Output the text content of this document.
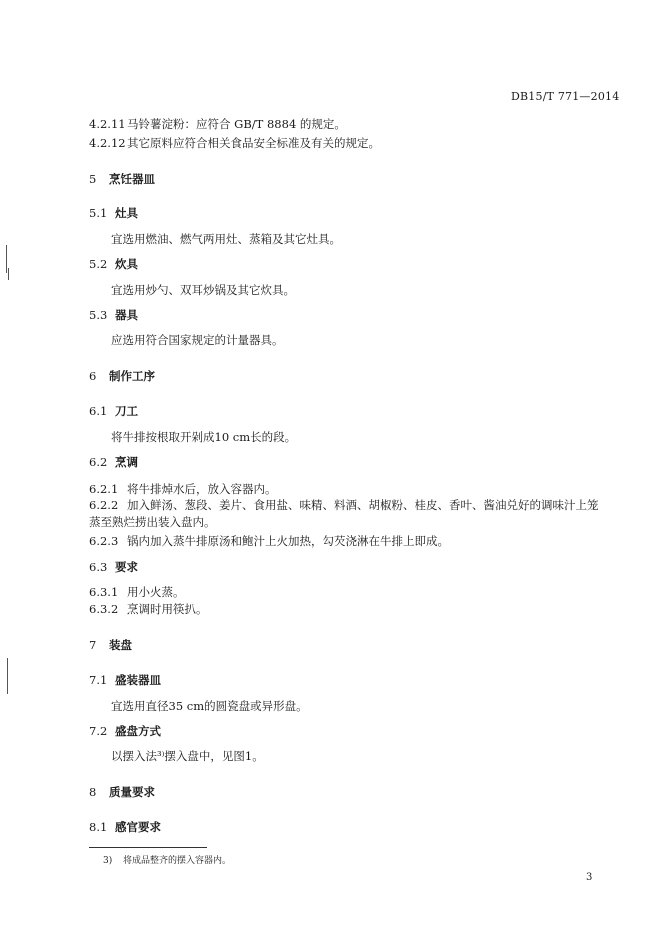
DB15/T 771—2014
4.2.11马铃薯淀粉：应符合 GB/T 8884 的规定。
4.2.12其它原料应符合相关食品安全标准及有关的规定。
5 烹饪器皿
5.1 灶具
宜选用燃油、燃气两用灶、蒸箱及其它灶具。
5.2 炊具
宜选用炒勺、双耳炒锅及其它炊具。
5.3 器具
应选用符合国家规定的计量器具。
6 制作工序
6.1 刀工
将牛排按根取开剁成10 cm长的段。
6.2 烹调
6.2.1 将牛排焯水后，放入容器内。
6.2.2 加入鲜汤、葱段、姜片、食用盐、味精、料酒、胡椒粉、桂皮、香叶、酱油兑好的调味汁上笼蒸至熟烂捞出装入盘内。
6.2.3 锅内加入蒸牛排原汤和鲍汁上火加热，勾芡浇淋在牛排上即成。
6.3 要求
6.3.1 用小火蒸。
6.3.2 烹调时用筷扒。
7 装盘
7.1 盛装器皿
宜选用直径35 cm的圆瓷盘或异形盘。
7.2 盛盘方式
以摆入法³⁾摆入盘中，见图1。
8 质量要求
8.1 感官要求
3) 将成品整齐的摆入容器内。
3
